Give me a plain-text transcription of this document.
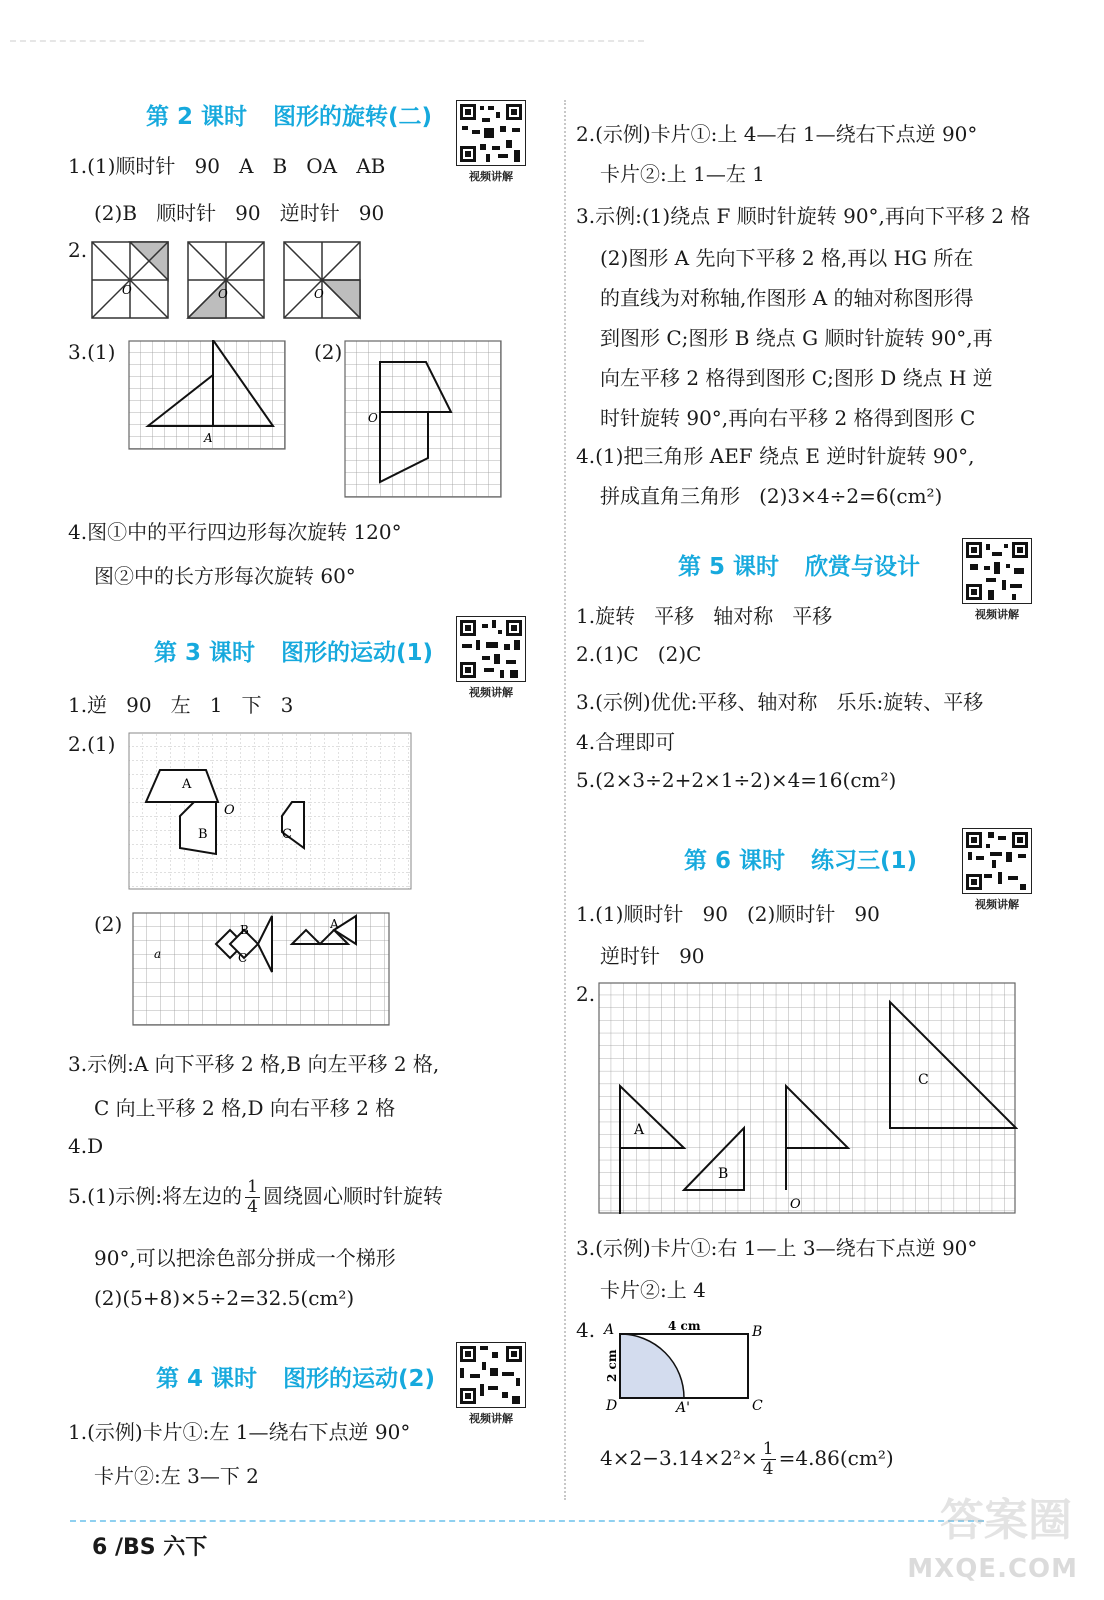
第 2 课时 图形的旋转(二)
视频讲解
1.(1)顺时针   90   A   B   OA   AB
(2)B   顺时针   90   逆时针   90
2.
O	O	O
3.(1)
A
(2)
O
4.图①中的平行四边形每次旋转 120°
图②中的长方形每次旋转 60°
第 3 课时 图形的运动(1)
视频讲解
1.逆   90   左   1   下   3
2.(1)
A
B	C
O
(2)	B
C
A
a
3.示例:A 向下平移 2 格,B 向左平移 2 格,
C 向上平移 2 格,D 向右平移 2 格
4.D
5.(1)示例:将左边的 $\frac{1}{4}$ 圆绕圆心顺时针旋转
90°,可以把涂色部分拼成一个梯形
(2)(5+8)×5÷2=32.5(cm²)
第 4 课时 图形的运动(2)
视频讲解
1.(示例)卡片①:左 1—绕右下点逆 90°
卡片②:左 3—下 2
2.(示例)卡片①:上 4—右 1—绕右下点逆 90°
卡片②:上 1—左 1
3.示例:(1)绕点 F 顺时针旋转 90°,再向下平移 2 格
(2)图形 A 先向下平移 2 格,再以 HG 所在
的直线为对称轴,作图形 A 的轴对称图形得
到图形 C;图形 B 绕点 G 顺时针旋转 90°,再
向左平移 2 格得到图形 C;图形 D 绕点 H 逆
时针旋转 90°,再向右平移 2 格得到图形 C
4.(1)把三角形 AEF 绕点 E 逆时针旋转 90°,
拼成直角三角形   (2)3×4÷2=6(cm²)
第 5 课时 欣赏与设计
视频讲解
1.旋转   平移   轴对称   平移
2.(1)C   (2)C
3.(示例)优优:平移、轴对称   乐乐:旋转、平移
4.合理即可
5.(2×3÷2+2×1÷2)×4=16(cm²)
第 6 课时 练习三(1)
视频讲解
1.(1)顺时针   90   (2)顺时针   90
逆时针   90
2.
C
A
B
O
3.(示例)卡片①:右 1—上 3—绕右下点逆 90°
卡片②:上 4
4. A	B
C
D	A'
4 cm
2 cm
$4\times 2-3.14\times 2^2\times \frac{1}{4} =4.86(cm^2)$
6 /BS 六下
答案圈
MXQE.COM
